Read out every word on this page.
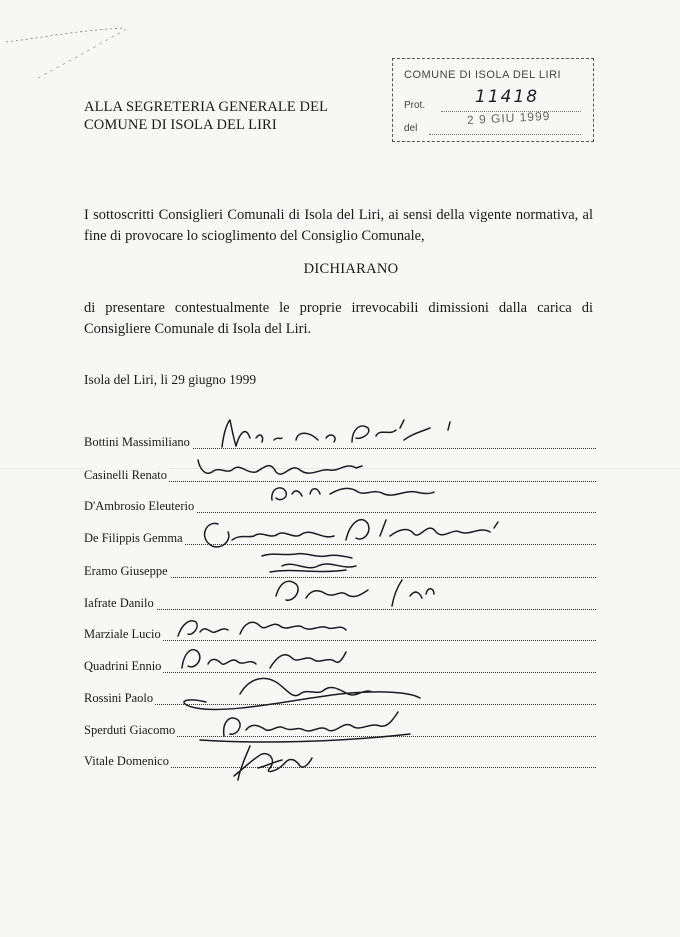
ALLA SEGRETERIA GENERALE DEL
COMUNE DI ISOLA DEL LIRI
COMUNE DI ISOLA DEL LIRI
Prot.	11418
del
2 9 GIU 1999
I sottoscritti Consiglieri Comunali di Isola del Liri, ai sensi della vigente normativa, al fine di provocare lo scioglimento del Consiglio Comunale,
DICHIARANO
di presentare contestualmente le proprie irrevocabili dimissioni dalla carica di Consigliere Comunale di Isola del Liri.
Isola del Liri, li 29 giugno 1999
Bottini Massimiliano
Casinelli Renato
D'Ambrosio Eleuterio
De Filippis Gemma
Eramo Giuseppe
Iafrate Danilo
Marziale Lucio
Quadrini Ennio
Rossini Paolo
Sperduti Giacomo
Vitale Domenico
